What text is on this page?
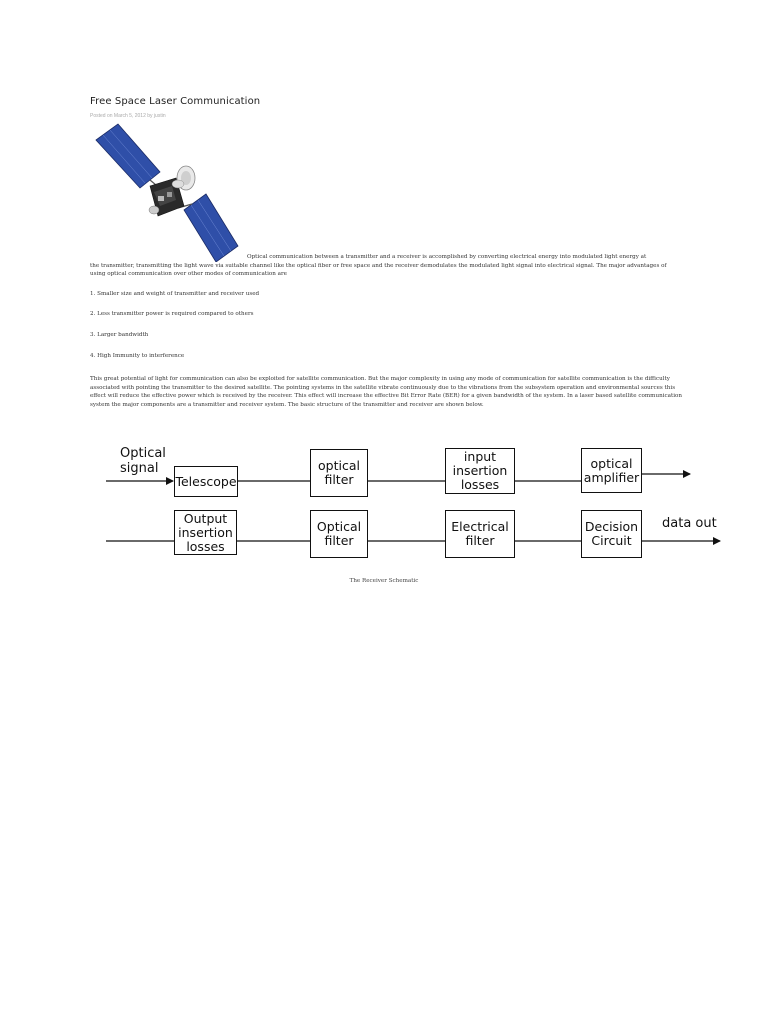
Free Space Laser Communication
Posted on March 5, 2012 by justin
Optical communication between a transmitter and a receiver is accomplished by converting electrical energy into modulated light energy at
the transmitter, transmitting the light wave via suitable channel like the optical fiber or free space and the receiver demodulates the modulated light signal into electrical signal. The major advantages of using optical communication over other modes of communication are
1. Smaller size and weight of transmitter and receiver used
2. Less transmitter power is required compared to others
3. Larger bandwidth
4. High Immunity to interference
This great potential of light for communication can also be exploited for satellite communication. But the major complexity in using any mode of communication for satellite communication is the difficulty associated with pointing the transmitter to the desired satellite. The pointing systems in the satellite vibrate continuously due to the vibrations from the subsystem operation and environmental sources this effect will reduce the effective power which is received by the receiver. This effect will increase the effective Bit Error Rate (BER) for a given bandwidth of the system. In a laser based satellite communication system the major components are a transmitter and receiver system. The basic structure of the transmitter and receiver are shown below.
Optical
signal
data out
Telescope
optical
filter
input
insertion
losses
optical
amplifier
Output
insertion
losses
Optical
filter
Electrical
filter
Decision
Circuit
The Receiver Schematic
